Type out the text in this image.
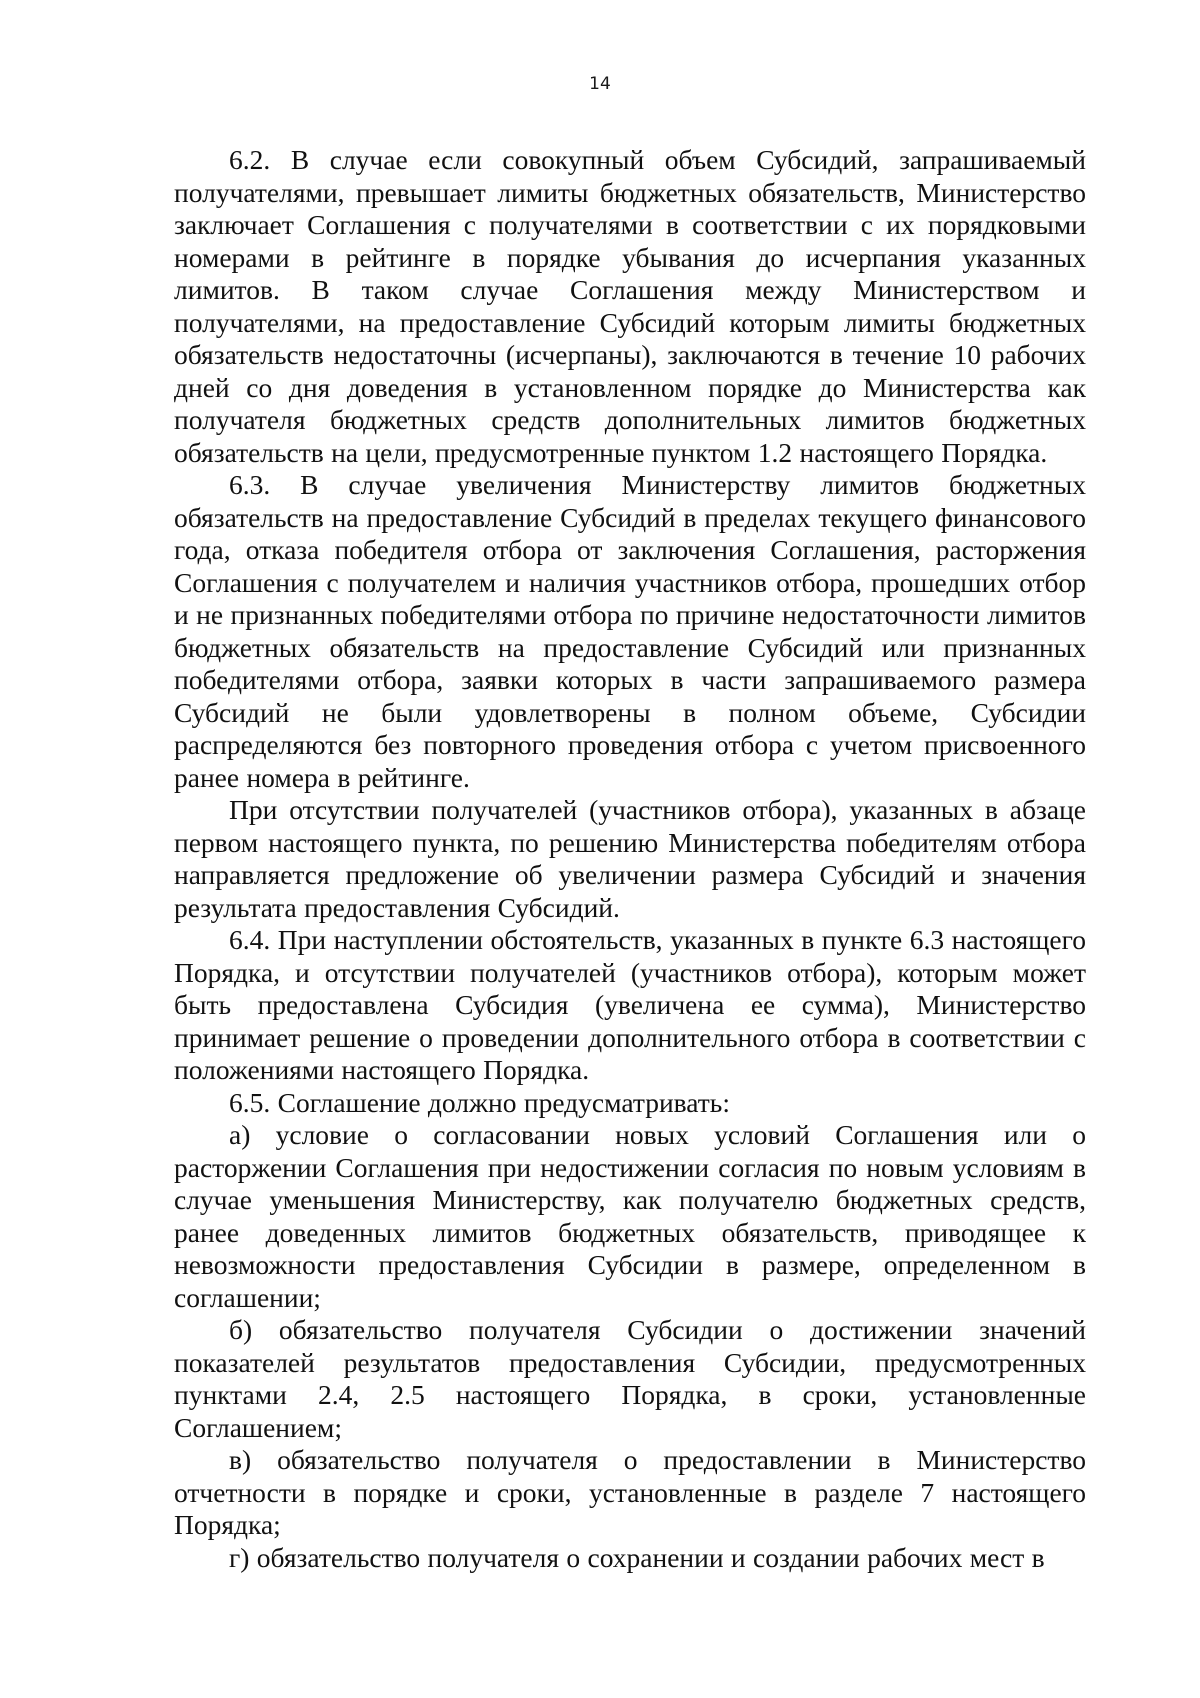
14

6.2. В случае если совокупный объем Субсидий, запрашиваемый получателями, превышает лимиты бюджетных обязательств, Министерство заключает Соглашения с получателями в соответствии с их порядковыми номерами в рейтинге в порядке убывания до исчерпания указанных лимитов. В таком случае Соглашения между Министерством и получателями, на предоставление Субсидий которым лимиты бюджетных обязательств недостаточны (исчерпаны), заключаются в течение 10 рабочих дней со дня доведения в установленном порядке до Министерства как получателя бюджетных средств дополнительных лимитов бюджетных обязательств на цели, предусмотренные пунктом 1.2 настоящего Порядка.

6.3. В случае увеличения Министерству лимитов бюджетных обязательств на предоставление Субсидий в пределах текущего финансового года, отказа победителя отбора от заключения Соглашения, расторжения Соглашения с получателем и наличия участников отбора, прошедших отбор и не признанных победителями отбора по причине недостаточности лимитов бюджетных обязательств на предоставление Субсидий или признанных победителями отбора, заявки которых в части запрашиваемого размера Субсидий не были удовлетворены в полном объеме, Субсидии распределяются без повторного проведения отбора с учетом присвоенного ранее номера в рейтинге.

При отсутствии получателей (участников отбора), указанных в абзаце первом настоящего пункта, по решению Министерства победителям отбора направляется предложение об увеличении размера Субсидий и значения результата предоставления Субсидий.

6.4. При наступлении обстоятельств, указанных в пункте 6.3 настоящего Порядка, и отсутствии получателей (участников отбора), которым может быть предоставлена Субсидия (увеличена ее сумма), Министерство принимает решение о проведении дополнительного отбора в соответствии с положениями настоящего Порядка.

6.5. Соглашение должно предусматривать:

а) условие о согласовании новых условий Соглашения или о расторжении Соглашения при недостижении согласия по новым условиям в случае уменьшения Министерству, как получателю бюджетных средств, ранее доведенных лимитов бюджетных обязательств, приводящее к невозможности предоставления Субсидии в размере, определенном в соглашении;

б) обязательство получателя Субсидии о достижении значений показателей результатов предоставления Субсидии, предусмотренных пунктами 2.4, 2.5 настоящего Порядка, в сроки, установленные Соглашением;

в) обязательство получателя о предоставлении в Министерство отчетности в порядке и сроки, установленные в разделе 7 настоящего Порядка;

г) обязательство получателя о сохранении и создании рабочих мест в
